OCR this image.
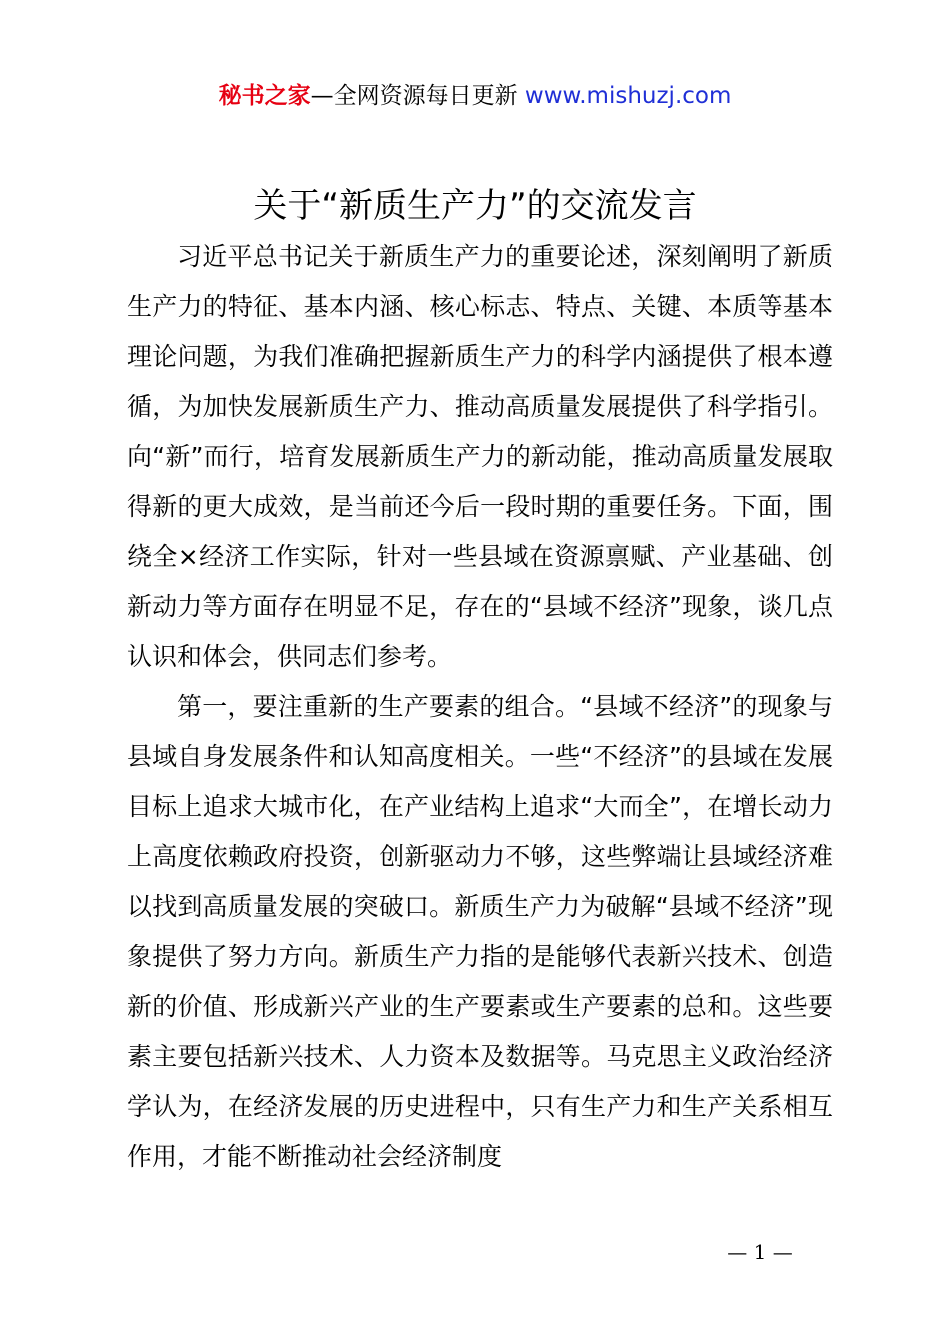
秘书之家—全网资源每日更新 www.mishuzj.com
关于“新质生产力”的交流发言

习近平总书记关于新质生产力的重要论述，深刻阐明了新质生产力的特征、基本内涵、核心标志、特点、关键、本质等基本理论问题，为我们准确把握新质生产力的科学内涵提供了根本遵循，为加快发展新质生产力、推动高质量发展提供了科学指引。向“新”而行，培育发展新质生产力的新动能，推动高质量发展取得新的更大成效，是当前还今后一段时期的重要任务。下面，围绕全×经济工作实际，针对一些县域在资源禀赋、产业基础、创新动力等方面存在明显不足，存在的“县域不经济”现象，谈几点认识和体会，供同志们参考。

第一，要注重新的生产要素的组合。“县域不经济”的现象与县域自身发展条件和认知高度相关。一些“不经济”的县域在发展目标上追求大城市化，在产业结构上追求“大而全”，在增长动力上高度依赖政府投资，创新驱动力不够，这些弊端让县域经济难以找到高质量发展的突破口。新质生产力为破解“县域不经济”现象提供了努力方向。新质生产力指的是能够代表新兴技术、创造新的价值、形成新兴产业的生产要素或生产要素的总和。这些要素主要包括新兴技术、人力资本及数据等。马克思主义政治经济学认为，在经济发展的历史进程中，只有生产力和生产关系相互作用，才能不断推动社会经济制度

— 1 —
